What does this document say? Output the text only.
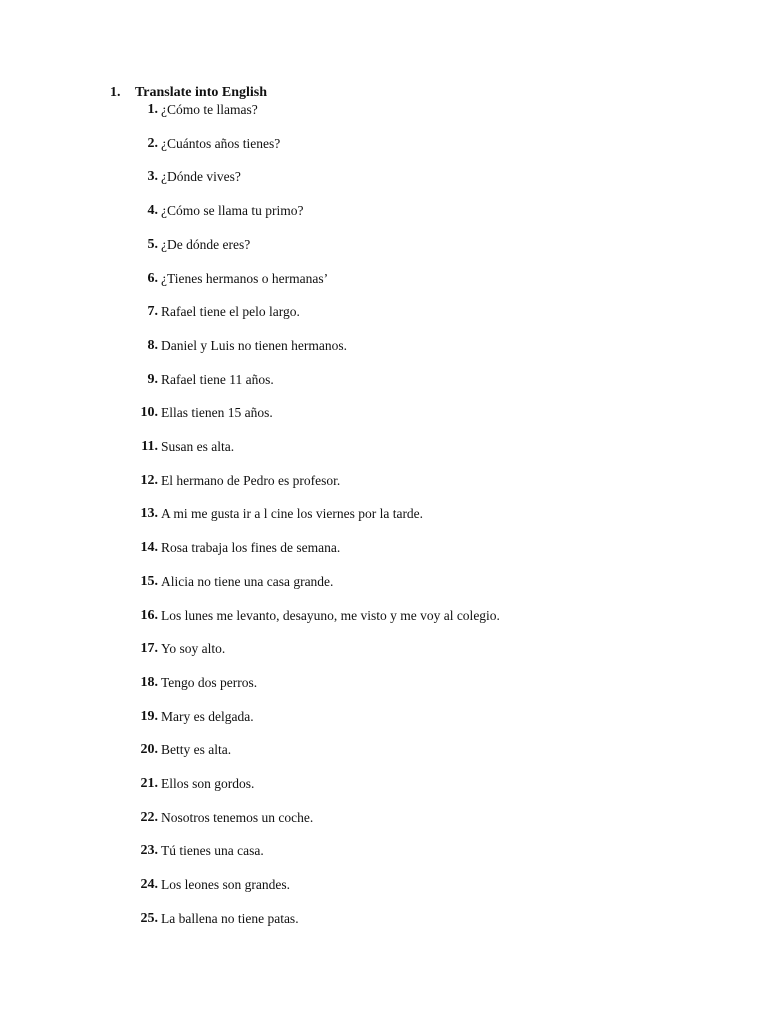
1. Translate into English
1. ¿Cómo te llamas?
2. ¿Cuántos años tienes?
3. ¿Dónde vives?
4. ¿Cómo se llama tu primo?
5. ¿De dónde eres?
6. ¿Tienes hermanos o hermanas’
7. Rafael tiene el pelo largo.
8. Daniel y Luis no tienen hermanos.
9. Rafael tiene 11 años.
10. Ellas tienen 15 años.
11. Susan es alta.
12. El hermano de Pedro es profesor.
13. A mi me gusta ir a l cine los viernes por la tarde.
14. Rosa trabaja los fines de semana.
15. Alicia no tiene una casa grande.
16. Los lunes me levanto, desayuno, me visto y me voy al colegio.
17. Yo soy alto.
18. Tengo dos perros.
19. Mary es delgada.
20. Betty es alta.
21. Ellos son gordos.
22. Nosotros tenemos un coche.
23. Tú tienes una casa.
24. Los leones son grandes.
25. La ballena no tiene patas.
